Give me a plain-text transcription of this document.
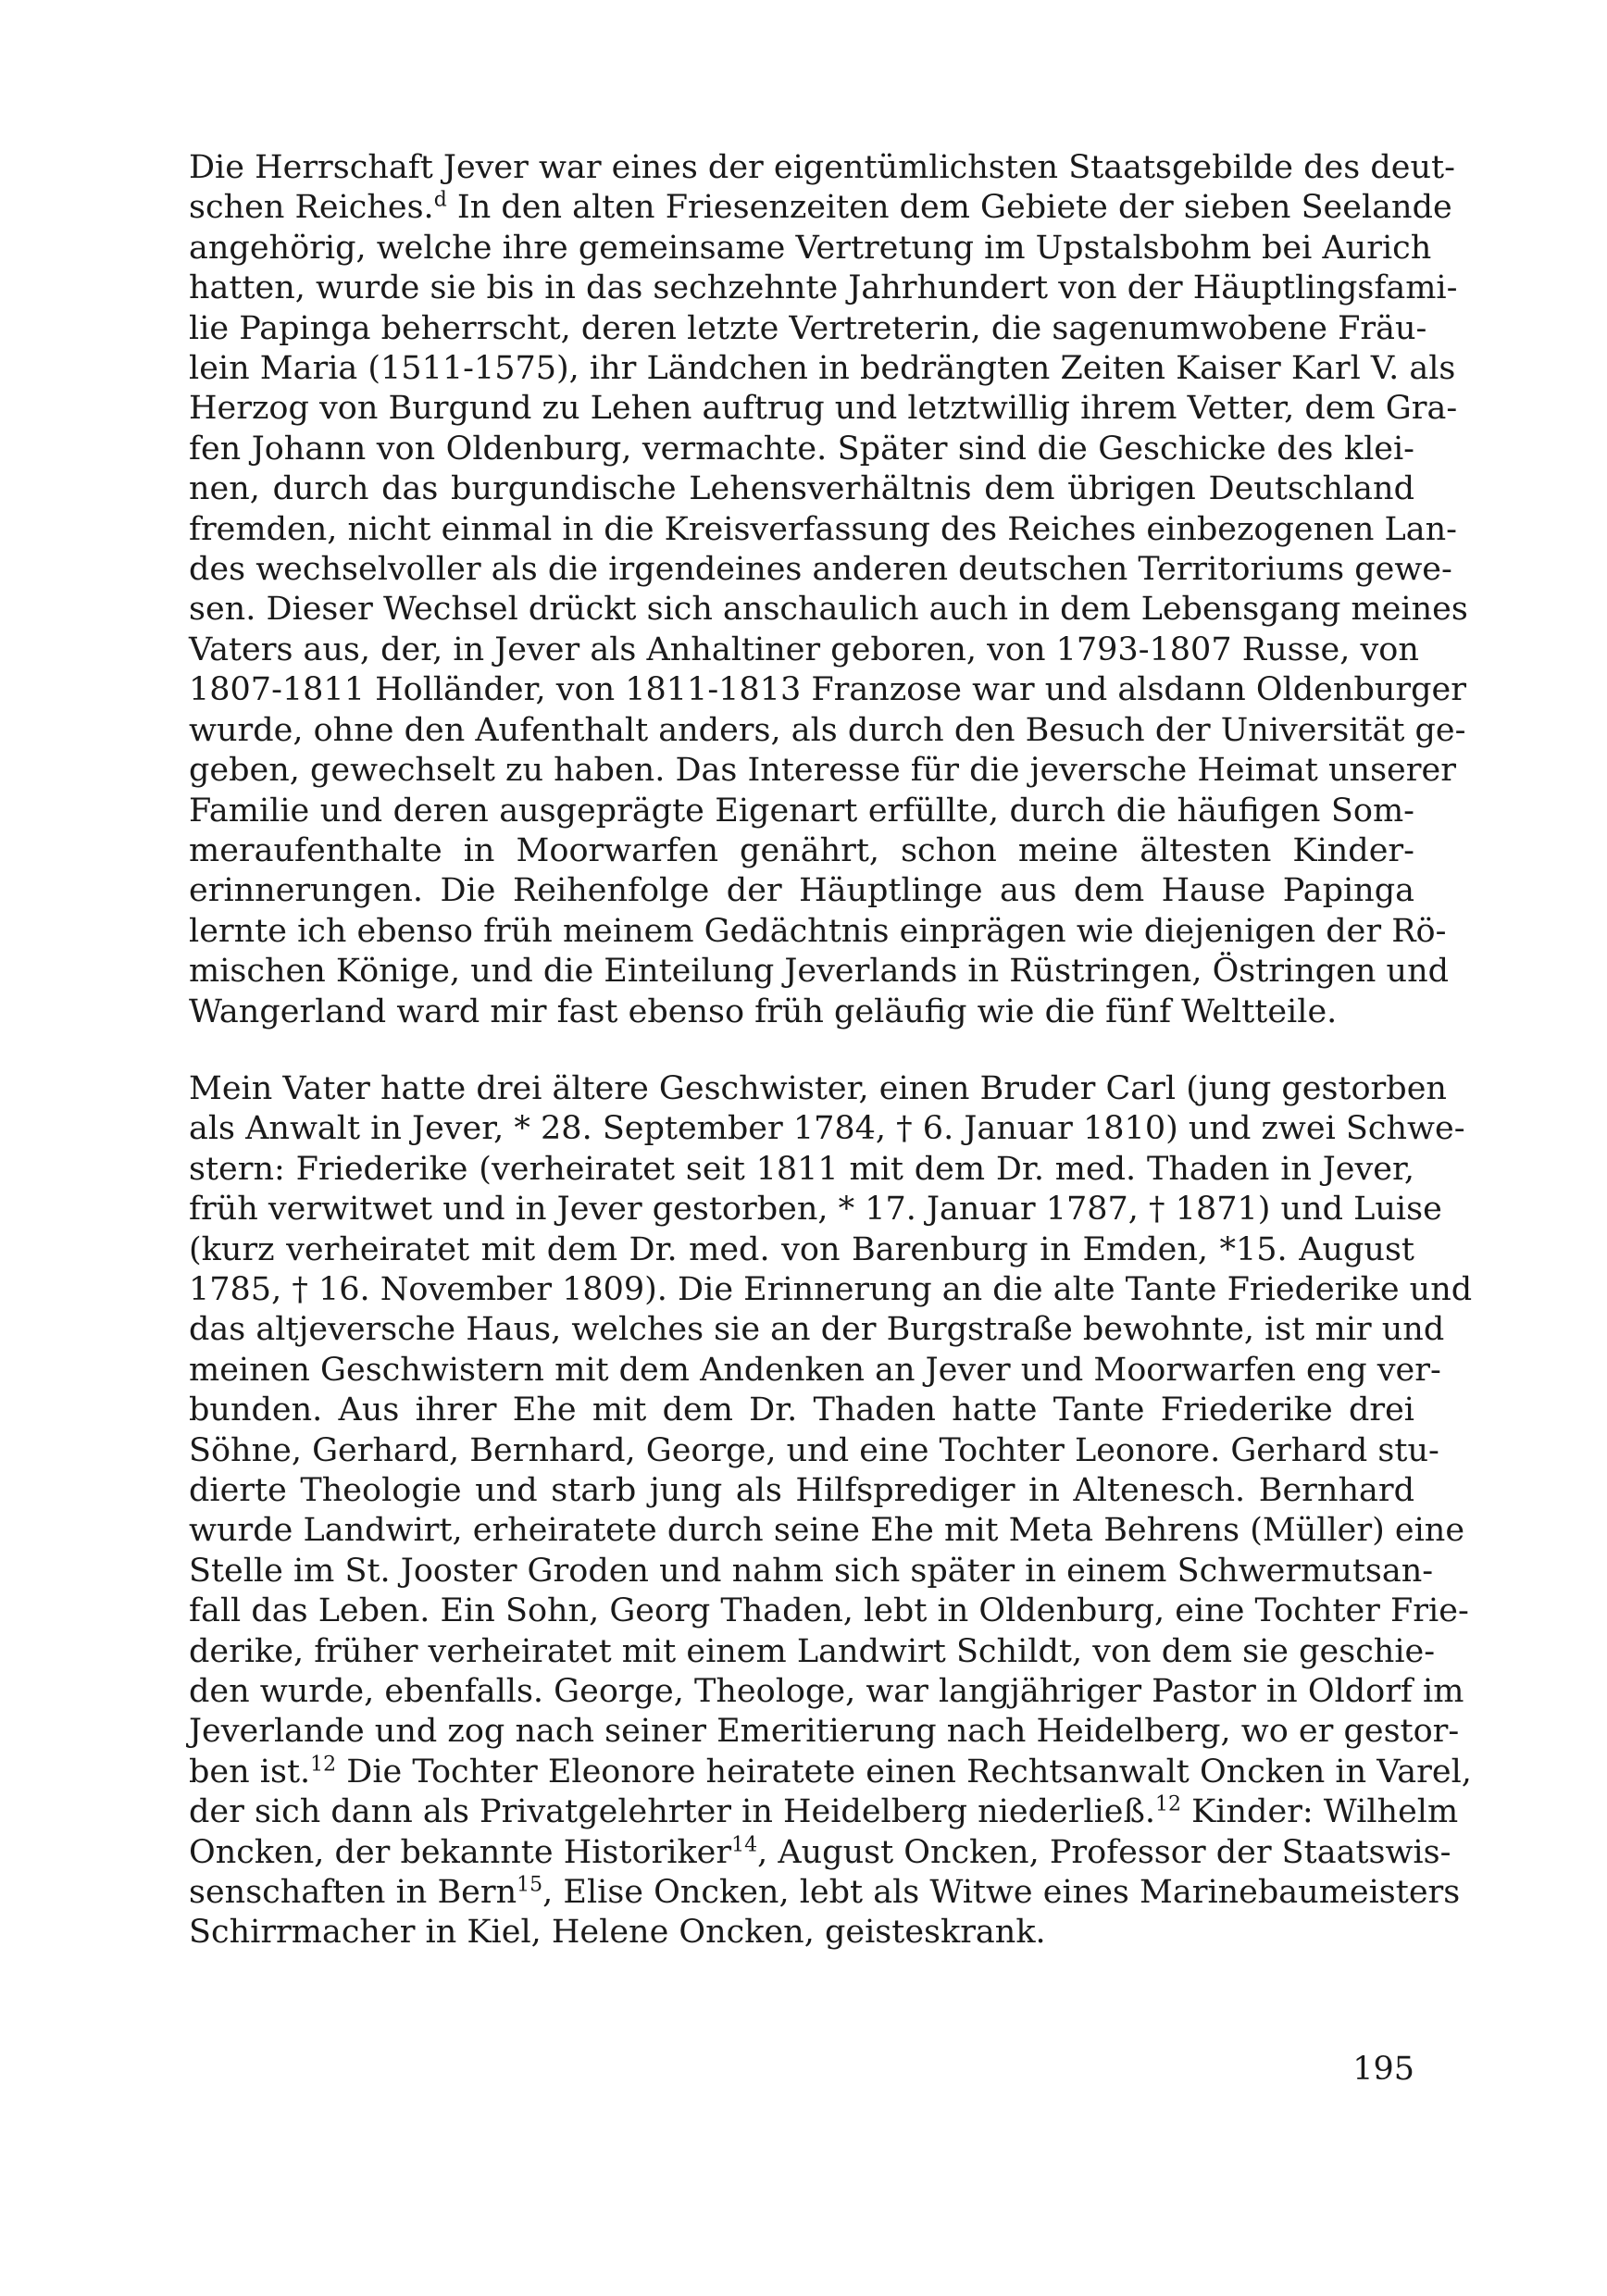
Die Herrschaft Jever war eines der eigentümlichsten Staatsgebilde des deut-
schen Reiches.$^d$ In den alten Friesenzeiten dem Gebiete der sieben Seelande
angehörig, welche ihre gemeinsame Vertretung im Upstalsbohm bei Aurich
hatten, wurde sie bis in das sechzehnte Jahrhundert von der Häuptlingsfami-
lie Papinga beherrscht, deren letzte Vertreterin, die sagenumwobene Fräu-
lein Maria (1511-1575), ihr Ländchen in bedrängten Zeiten Kaiser Karl V. als
Herzog von Burgund zu Lehen auftrug und letztwillig ihrem Vetter, dem Gra-
fen Johann von Oldenburg, vermachte. Später sind die Geschicke des klei-
nen, durch das burgundische Lehensverhältnis dem übrigen Deutschland
fremden, nicht einmal in die Kreisverfassung des Reiches einbezogenen Lan-
des wechselvoller als die irgendeines anderen deutschen Territoriums gewe-
sen. Dieser Wechsel drückt sich anschaulich auch in dem Lebensgang meines
Vaters aus, der, in Jever als Anhaltiner geboren, von 1793-1807 Russe, von
1807-1811 Holländer, von 1811-1813 Franzose war und alsdann Oldenburger
wurde, ohne den Aufenthalt anders, als durch den Besuch der Universität ge-
geben, gewechselt zu haben. Das Interesse für die jeversche Heimat unserer
Familie und deren ausgeprägte Eigenart erfüllte, durch die häufigen Som-
meraufenthalte in Moorwarfen genährt, schon meine ältesten Kinder-
erinnerungen. Die Reihenfolge der Häuptlinge aus dem Hause Papinga
lernte ich ebenso früh meinem Gedächtnis einprägen wie diejenigen der Rö-
mischen Könige, und die Einteilung Jeverlands in Rüstringen, Östringen und
Wangerland ward mir fast ebenso früh geläufig wie die fünf Weltteile.

Mein Vater hatte drei ältere Geschwister, einen Bruder Carl (jung gestorben
als Anwalt in Jever, * 28. September 1784, † 6. Januar 1810) und zwei Schwe-
stern: Friederike (verheiratet seit 1811 mit dem Dr. med. Thaden in Jever,
früh verwitwet und in Jever gestorben, * 17. Januar 1787, † 1871) und Luise
(kurz verheiratet mit dem Dr. med. von Barenburg in Emden, *15. August
1785, † 16. November 1809). Die Erinnerung an die alte Tante Friederike und
das altjeversche Haus, welches sie an der Burgstraße bewohnte, ist mir und
meinen Geschwistern mit dem Andenken an Jever und Moorwarfen eng ver-
bunden. Aus ihrer Ehe mit dem Dr. Thaden hatte Tante Friederike drei
Söhne, Gerhard, Bernhard, George, und eine Tochter Leonore. Gerhard stu-
dierte Theologie und starb jung als Hilfsprediger in Altenesch. Bernhard
wurde Landwirt, erheiratete durch seine Ehe mit Meta Behrens (Müller) eine
Stelle im St. Jooster Groden und nahm sich später in einem Schwermutsan-
fall das Leben. Ein Sohn, Georg Thaden, lebt in Oldenburg, eine Tochter Frie-
derike, früher verheiratet mit einem Landwirt Schildt, von dem sie geschie-
den wurde, ebenfalls. George, Theologe, war langjähriger Pastor in Oldorf im
Jeverlande und zog nach seiner Emeritierung nach Heidelberg, wo er gestor-
ben ist.$^{12}$ Die Tochter Eleonore heiratete einen Rechtsanwalt Oncken in Varel,
der sich dann als Privatgelehrter in Heidelberg niederließ.$^{12}$ Kinder: Wilhelm
Oncken, der bekannte Historiker$^{14}$, August Oncken, Professor der Staatswis-
senschaften in Bern$^{15}$, Elise Oncken, lebt als Witwe eines Marinebaumeisters
Schirrmacher in Kiel, Helene Oncken, geisteskrank.

195
